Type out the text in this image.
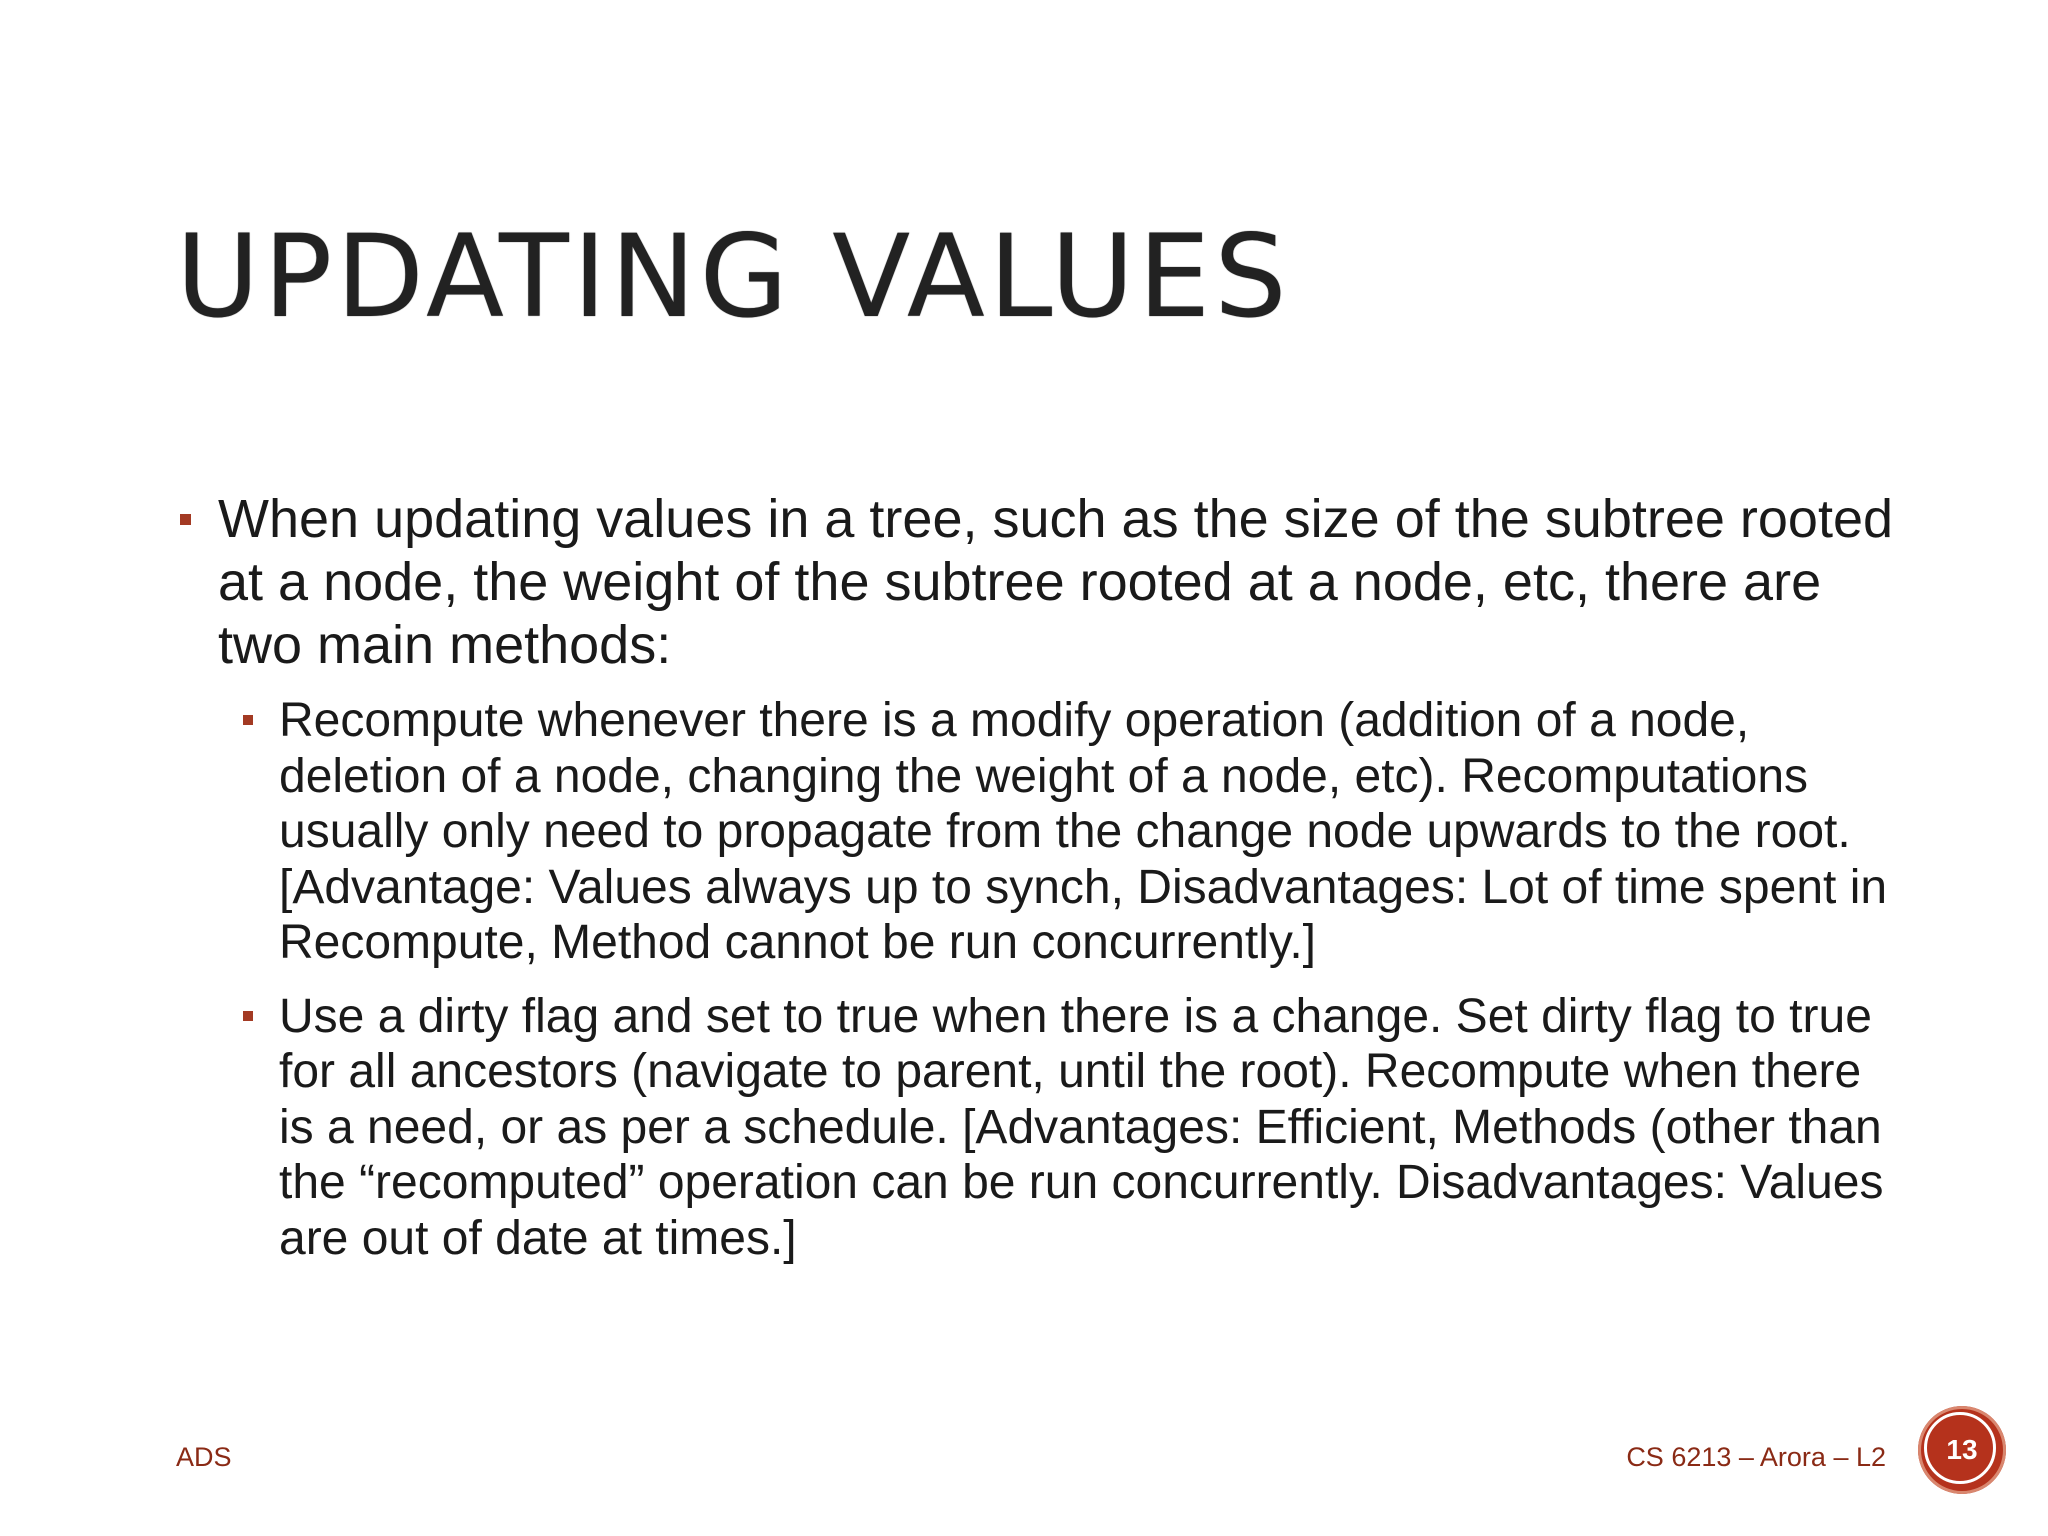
UPDATING VALUES

When updating values in a tree, such as the size of the subtree rooted at a node, the weight of the subtree rooted at a node, etc, there are two main methods:

Recompute whenever there is a modify operation (addition of a node, deletion of a node, changing the weight of a node, etc). Recomputations usually only need to propagate from the change node upwards to the root. [Advantage: Values always up to synch, Disadvantages: Lot of time spent in Recompute, Method cannot be run concurrently.]

Use a dirty flag and set to true when there is a change. Set dirty flag to true for all ancestors (navigate to parent, until the root). Recompute when there is a need, or as per a schedule. [Advantages: Efficient, Methods (other than the “recomputed” operation can be run concurrently. Disadvantages: Values are out of date at times.]

ADS	CS 6213 – Arora – L2	13
